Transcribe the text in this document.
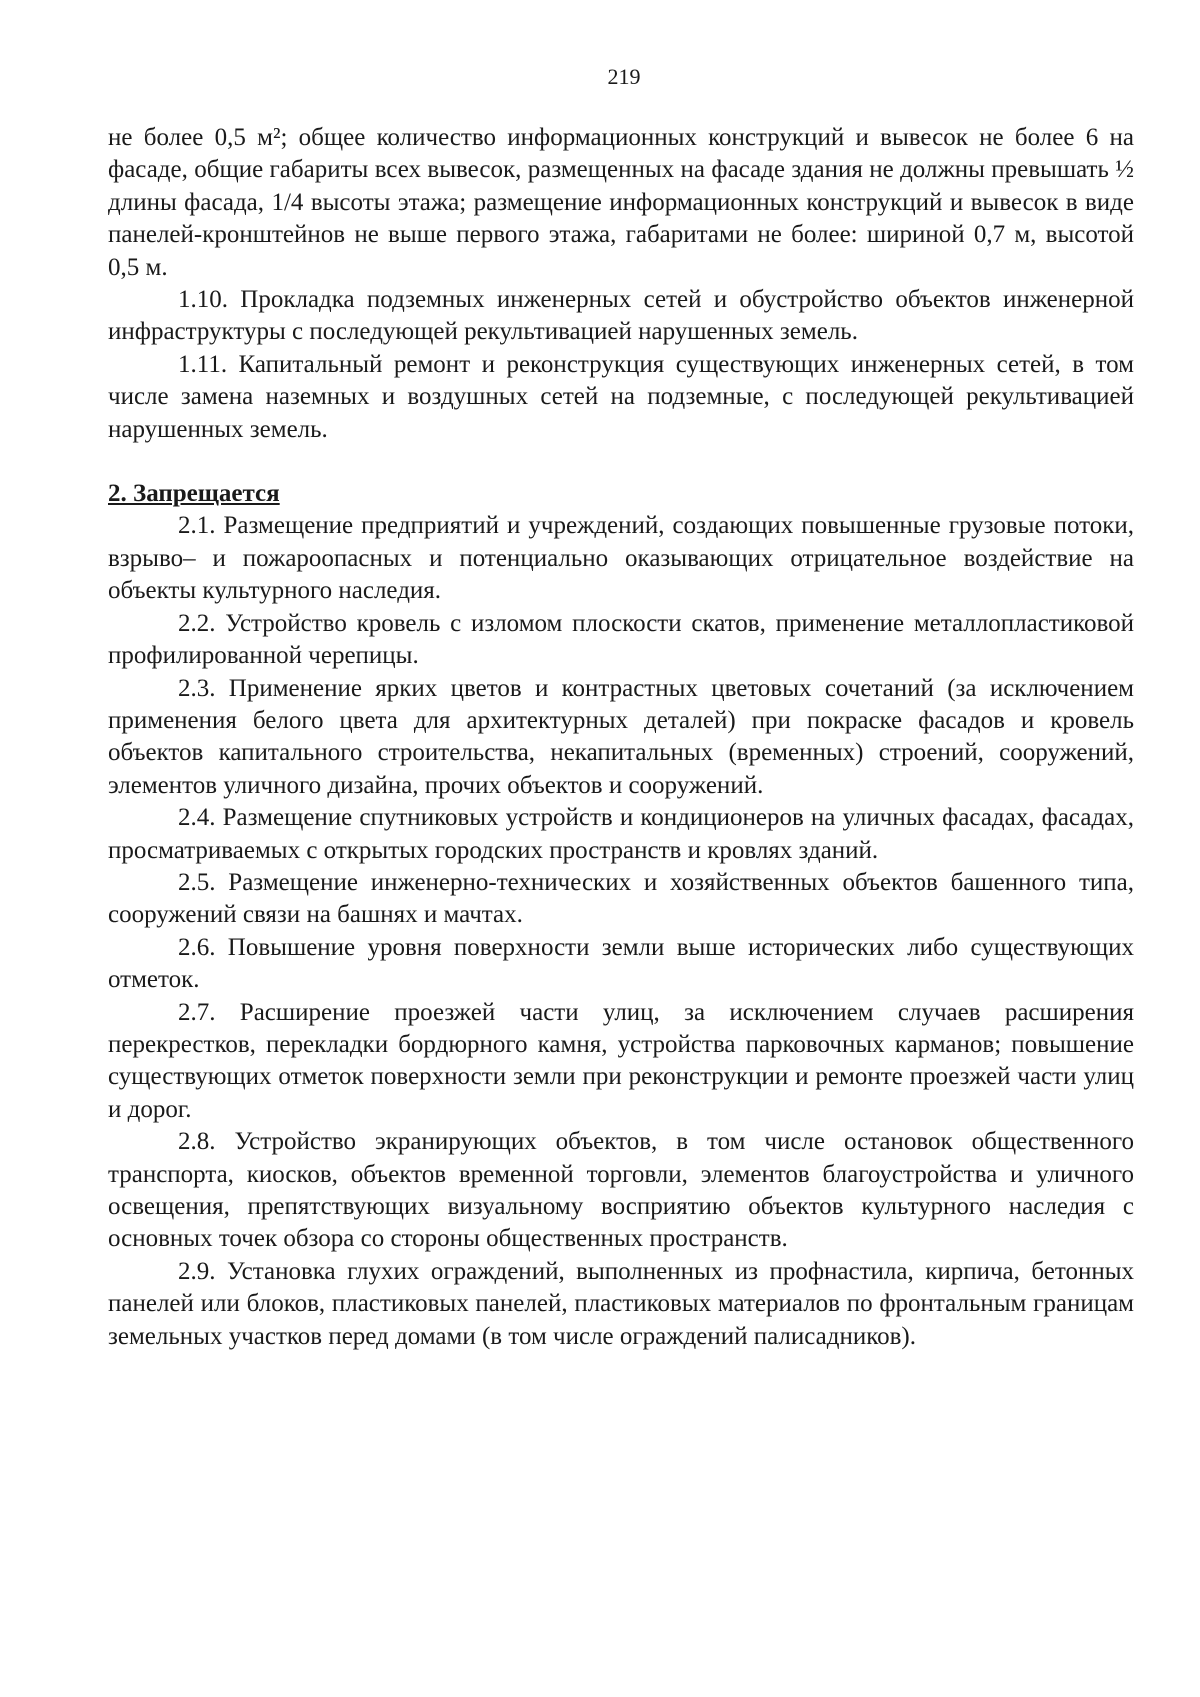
219

не более 0,5 м²; общее количество информационных конструкций и вывесок не более 6 на фасаде, общие габариты всех вывесок, размещенных на фасаде здания не должны превышать ½ длины фасада, 1/4 высоты этажа; размещение информационных конструкций и вывесок в виде панелей-кронштейнов не выше первого этажа, габаритами не более: шириной 0,7 м, высотой 0,5 м.

1.10. Прокладка подземных инженерных сетей и обустройство объектов инженерной инфраструктуры с последующей рекультивацией нарушенных земель.

1.11. Капитальный ремонт и реконструкция существующих инженерных сетей, в том числе замена наземных и воздушных сетей на подземные, с последующей рекультивацией нарушенных земель.

2. Запрещается

2.1. Размещение предприятий и учреждений, создающих повышенные грузовые потоки, взрыво– и пожароопасных и потенциально оказывающих отрицательное воздействие на объекты культурного наследия.

2.2. Устройство кровель с изломом плоскости скатов, применение металлопластиковой профилированной черепицы.

2.3. Применение ярких цветов и контрастных цветовых сочетаний (за исключением применения белого цвета для архитектурных деталей) при покраске фасадов и кровель объектов капитального строительства, некапитальных (временных) строений, сооружений, элементов уличного дизайна, прочих объектов и сооружений.

2.4. Размещение спутниковых устройств и кондиционеров на уличных фасадах, фасадах, просматриваемых с открытых городских пространств и кровлях зданий.

2.5. Размещение инженерно-технических и хозяйственных объектов башенного типа, сооружений связи на башнях и мачтах.

2.6. Повышение уровня поверхности земли выше исторических либо существующих отметок.

2.7. Расширение проезжей части улиц, за исключением случаев расширения перекрестков, перекладки бордюрного камня, устройства парковочных карманов; повышение существующих отметок поверхности земли при реконструкции и ремонте проезжей части улиц и дорог.

2.8. Устройство экранирующих объектов, в том числе остановок общественного транспорта, киосков, объектов временной торговли, элементов благоустройства и уличного освещения, препятствующих визуальному восприятию объектов культурного наследия с основных точек обзора со стороны общественных пространств.

2.9. Установка глухих ограждений, выполненных из профнастила, кирпича, бетонных панелей или блоков, пластиковых панелей, пластиковых материалов по фронтальным границам земельных участков перед домами (в том числе ограждений палисадников).
